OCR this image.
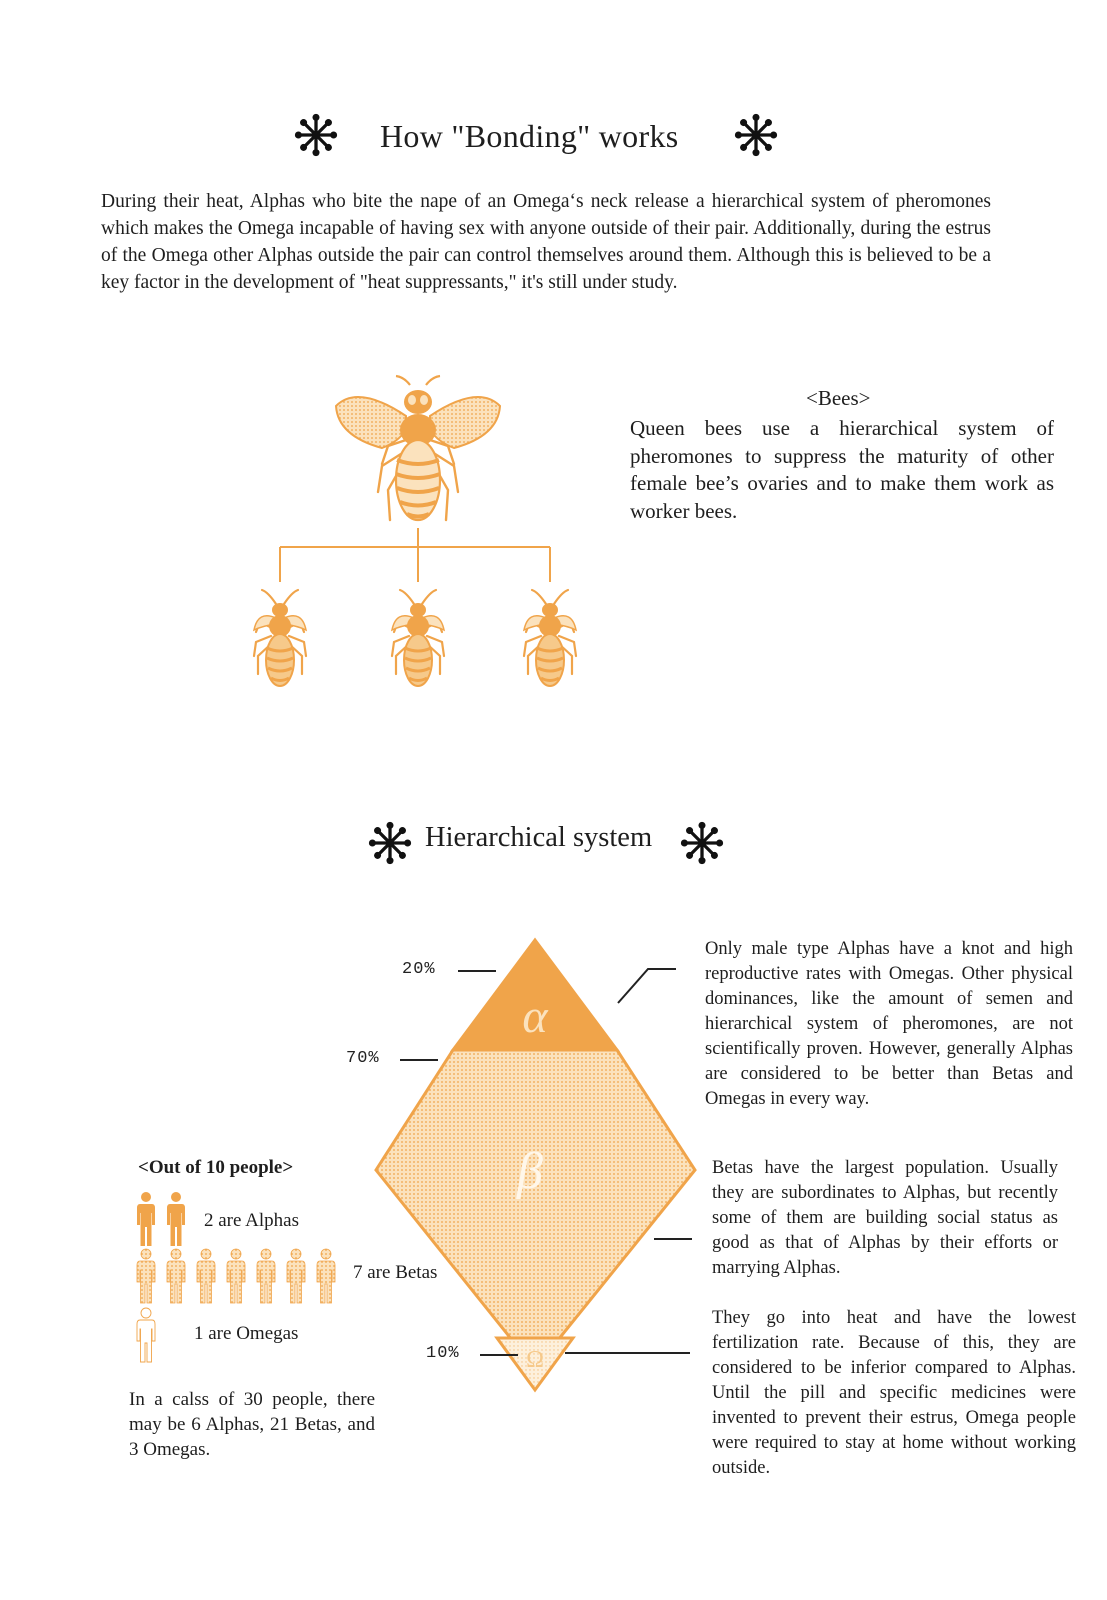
How "Bonding" works
During their heat, Alphas who bite the nape of an Omega‘s neck release a hierarchical system of pheromones which makes the Omega incapable of having sex with anyone outside of their pair. Additionally, during the estrus of the Omega other Alphas outside the pair can control themselves around them. Although this is believed to be a key factor in the development of "heat suppressants," it's still under study.
<Bees>
Queen bees use a hierarchical system of pheromones to suppress the maturity of other female bee’s ovaries and to make them work as worker bees.
Hierarchical system
α
β
Ω
20%
70%
10%
Only male type Alphas have a knot and high reproductive rates with Omegas. Other physical dominances, like the amount of semen and hierarchical system of pheromones, are not scientifically proven. However, generally Alphas are considered to be better than Betas and Omegas in every way.
Betas have the largest population. Usually they are subordinates to Alphas, but recently some of them are building social status as good as that of Alphas by their efforts or marrying Alphas.
They go into heat and have the lowest fertilization rate. Because of this, they are considered to be inferior compared to Alphas. Until the pill and specific medicines were invented to prevent their estrus, Omega people were required to stay at home without working outside.
<Out of 10 people>
2 are Alphas
7 are Betas
1 are Omegas
In a calss of 30 people, there may be 6 Alphas, 21 Betas, and 3 Omegas.
